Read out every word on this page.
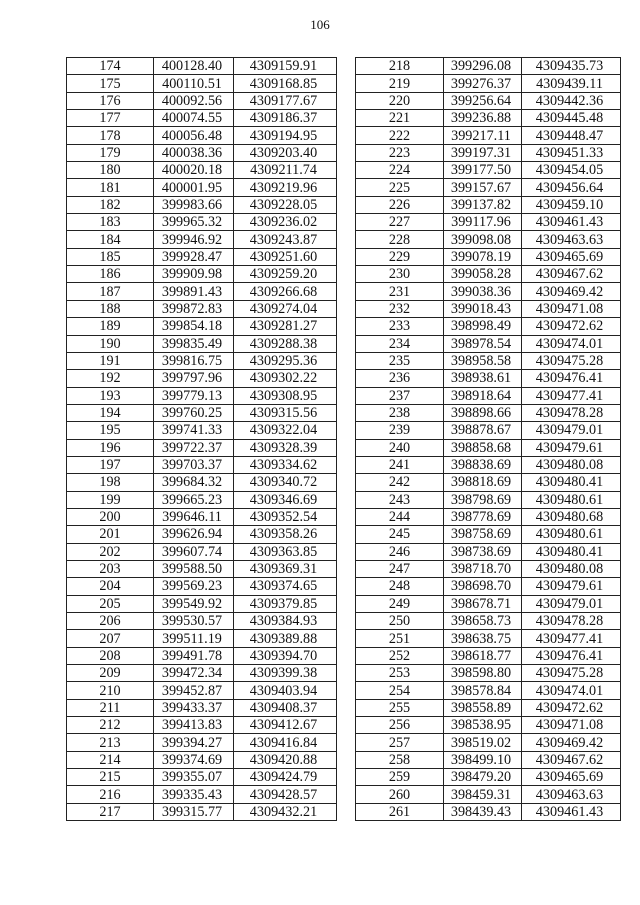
106
174	400128.40	4309159.91
175	400110.51	4309168.85
176	400092.56	4309177.67
177	400074.55	4309186.37
178	400056.48	4309194.95
179	400038.36	4309203.40
180	400020.18	4309211.74
181	400001.95	4309219.96
182	399983.66	4309228.05
183	399965.32	4309236.02
184	399946.92	4309243.87
185	399928.47	4309251.60
186	399909.98	4309259.20
187	399891.43	4309266.68
188	399872.83	4309274.04
189	399854.18	4309281.27
190	399835.49	4309288.38
191	399816.75	4309295.36
192	399797.96	4309302.22
193	399779.13	4309308.95
194	399760.25	4309315.56
195	399741.33	4309322.04
196	399722.37	4309328.39
197	399703.37	4309334.62
198	399684.32	4309340.72
199	399665.23	4309346.69
200	399646.11	4309352.54
201	399626.94	4309358.26
202	399607.74	4309363.85
203	399588.50	4309369.31
204	399569.23	4309374.65
205	399549.92	4309379.85
206	399530.57	4309384.93
207	399511.19	4309389.88
208	399491.78	4309394.70
209	399472.34	4309399.38
210	399452.87	4309403.94
211	399433.37	4309408.37
212	399413.83	4309412.67
213	399394.27	4309416.84
214	399374.69	4309420.88
215	399355.07	4309424.79
216	399335.43	4309428.57
217	399315.77	4309432.21
218	399296.08	4309435.73
219	399276.37	4309439.11
220	399256.64	4309442.36
221	399236.88	4309445.48
222	399217.11	4309448.47
223	399197.31	4309451.33
224	399177.50	4309454.05
225	399157.67	4309456.64
226	399137.82	4309459.10
227	399117.96	4309461.43
228	399098.08	4309463.63
229	399078.19	4309465.69
230	399058.28	4309467.62
231	399038.36	4309469.42
232	399018.43	4309471.08
233	398998.49	4309472.62
234	398978.54	4309474.01
235	398958.58	4309475.28
236	398938.61	4309476.41
237	398918.64	4309477.41
238	398898.66	4309478.28
239	398878.67	4309479.01
240	398858.68	4309479.61
241	398838.69	4309480.08
242	398818.69	4309480.41
243	398798.69	4309480.61
244	398778.69	4309480.68
245	398758.69	4309480.61
246	398738.69	4309480.41
247	398718.70	4309480.08
248	398698.70	4309479.61
249	398678.71	4309479.01
250	398658.73	4309478.28
251	398638.75	4309477.41
252	398618.77	4309476.41
253	398598.80	4309475.28
254	398578.84	4309474.01
255	398558.89	4309472.62
256	398538.95	4309471.08
257	398519.02	4309469.42
258	398499.10	4309467.62
259	398479.20	4309465.69
260	398459.31	4309463.63
261	398439.43	4309461.43
